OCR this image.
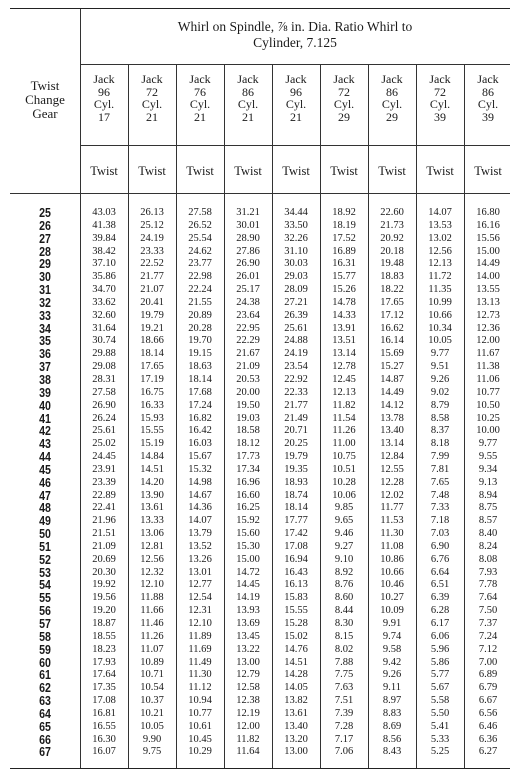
Whirl on Spindle, ⅞ in. Dia. Ratio Whirl to
Cylinder, 7.125
Twist
Change
Gear
25
26
27
28
29
30
31
32
33
34
35
36
37
38
39
40
41
42
43
44
45
46
47
48
49
50
51
52
53
54
55
56
57
58
59
60
61
62
63
64
65
66
67
Jack
96
Cyl.
17
Twist
43.03
41.38
39.84
38.42
37.10
35.86
34.70
33.62
32.60
31.64
30.74
29.88
29.08
28.31
27.58
26.90
26.24
25.61
25.02
24.45
23.91
23.39
22.89
22.41
21.96
21.51
21.09
20.69
20.30
19.92
19.56
19.20
18.87
18.55
18.23
17.93
17.64
17.35
17.08
16.81
16.55
16.30
16.07
Jack
72
Cyl.
21
Twist
26.13
25.12
24.19
23.33
22.52
21.77
21.07
20.41
19.79
19.21
18.66
18.14
17.65
17.19
16.75
16.33
15.93
15.55
15.19
14.84
14.51
14.20
13.90
13.61
13.33
13.06
12.81
12.56
12.32
12.10
11.88
11.66
11.46
11.26
11.07
10.89
10.71
10.54
10.37
10.21
10.05
9.90
9.75
Jack
76
Cyl.
21
Twist
27.58
26.52
25.54
24.62
23.77
22.98
22.24
21.55
20.89
20.28
19.70
19.15
18.63
18.14
17.68
17.24
16.82
16.42
16.03
15.67
15.32
14.98
14.67
14.36
14.07
13.79
13.52
13.26
13.01
12.77
12.54
12.31
12.10
11.89
11.69
11.49
11.30
11.12
10.94
10.77
10.61
10.45
10.29
Jack
86
Cyl.
21
Twist
31.21
30.01
28.90
27.86
26.90
26.01
25.17
24.38
23.64
22.95
22.29
21.67
21.09
20.53
20.00
19.50
19.03
18.58
18.12
17.73
17.34
16.96
16.60
16.25
15.92
15.60
15.30
15.00
14.72
14.45
14.19
13.93
13.69
13.45
13.22
13.00
12.79
12.58
12.38
12.19
12.00
11.82
11.64
Jack
96
Cyl.
21
Twist
34.44
33.50
32.26
31.10
30.03
29.03
28.09
27.21
26.39
25.61
24.88
24.19
23.54
22.92
22.33
21.77
21.49
20.71
20.25
19.79
19.35
18.93
18.74
18.14
17.77
17.42
17.08
16.94
16.43
16.13
15.83
15.55
15.28
15.02
14.76
14.51
14.28
14.05
13.82
13.61
13.40
13.20
13.00
Jack
72
Cyl.
29
Twist
18.92
18.19
17.52
16.89
16.31
15.77
15.26
14.78
14.33
13.91
13.51
13.14
12.78
12.45
12.13
11.82
11.54
11.26
11.00
10.75
10.51
10.28
10.06
9.85
9.65
9.46
9.27
9.10
8.92
8.76
8.60
8.44
8.30
8.15
8.02
7.88
7.75
7.63
7.51
7.39
7.28
7.17
7.06
Jack
86
Cyl.
29
Twist
22.60
21.73
20.92
20.18
19.48
18.83
18.22
17.65
17.12
16.62
16.14
15.69
15.27
14.87
14.49
14.12
13.78
13.40
13.14
12.84
12.55
12.28
12.02
11.77
11.53
11.30
11.08
10.86
10.66
10.46
10.27
10.09
9.91
9.74
9.58
9.42
9.26
9.11
8.97
8.83
8.69
8.56
8.43
Jack
72
Cyl.
39
Twist
14.07
13.53
13.02
12.56
12.13
11.72
11.35
10.99
10.66
10.34
10.05
9.77
9.51
9.26
9.02
8.79
8.58
8.37
8.18
7.99
7.81
7.65
7.48
7.33
7.18
7.03
6.90
6.76
6.64
6.51
6.39
6.28
6.17
6.06
5.96
5.86
5.77
5.67
5.58
5.50
5.41
5.33
5.25
Jack
86
Cyl.
39
Twist
16.80
16.16
15.56
15.00
14.49
14.00
13.55
13.13
12.73
12.36
12.00
11.67
11.38
11.06
10.77
10.50
10.25
10.00
9.77
9.55
9.34
9.13
8.94
8.75
8.57
8.40
8.24
8.08
7.93
7.78
7.64
7.50
7.37
7.24
7.12
7.00
6.89
6.79
6.67
6.56
6.46
6.36
6.27
